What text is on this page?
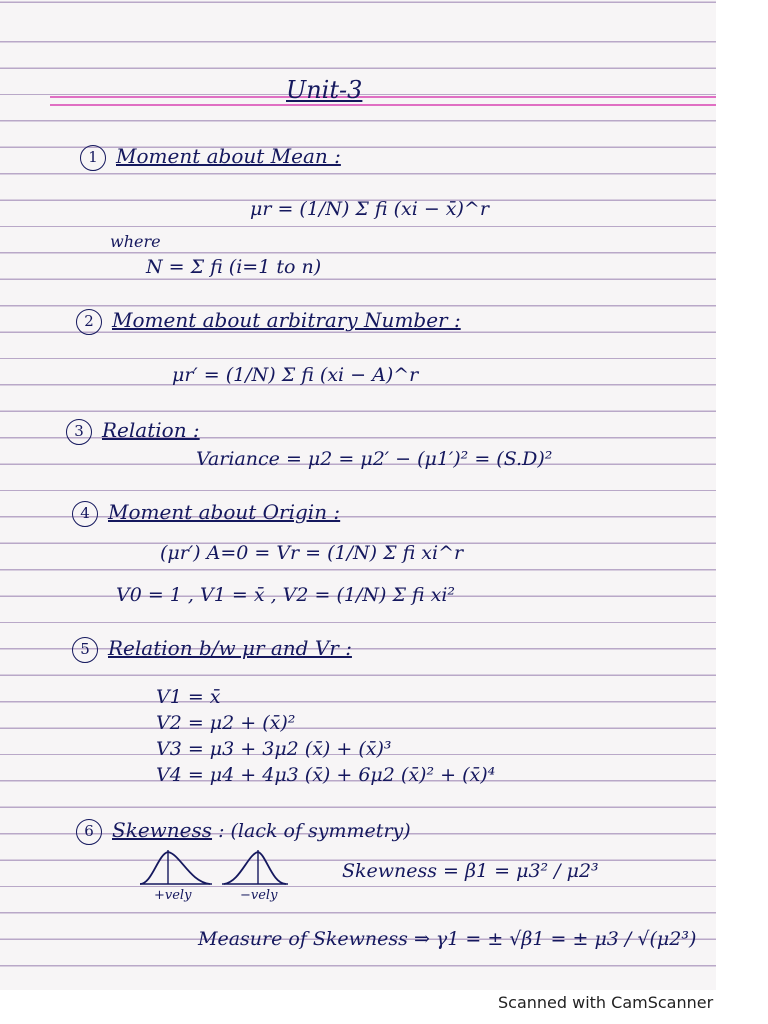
Unit-3
1 Moment about Mean :
μr = (1/N) Σ fi (xi − x̄)^r
where
N = Σ fi (i=1 to n)
2 Moment about arbitrary Number :
μr′ = (1/N) Σ fi (xi − A)^r
3 Relation :
Variance = μ2 = μ2′ − (μ1′)² = (S.D)²
4 Moment about Origin :
(μr′) A=0 = Vr = (1/N) Σ fi xi^r
V0 = 1 , V1 = x̄ , V2 = (1/N) Σ fi xi²
5 Relation b/w μr and Vr :
V1 = x̄
V2 = μ2 + (x̄)²
V3 = μ3 + 3μ2 (x̄) + (x̄)³
V4 = μ4 + 4μ3 (x̄) + 6μ2 (x̄)² + (x̄)⁴
6 Skewness : (lack of symmetry)
+vely	−vely
Skewness = β1 = μ3² / μ2³
Measure of Skewness ⇒ γ1 = ± √β1 = ± μ3 / √(μ2³)
Scanned with CamScanner
